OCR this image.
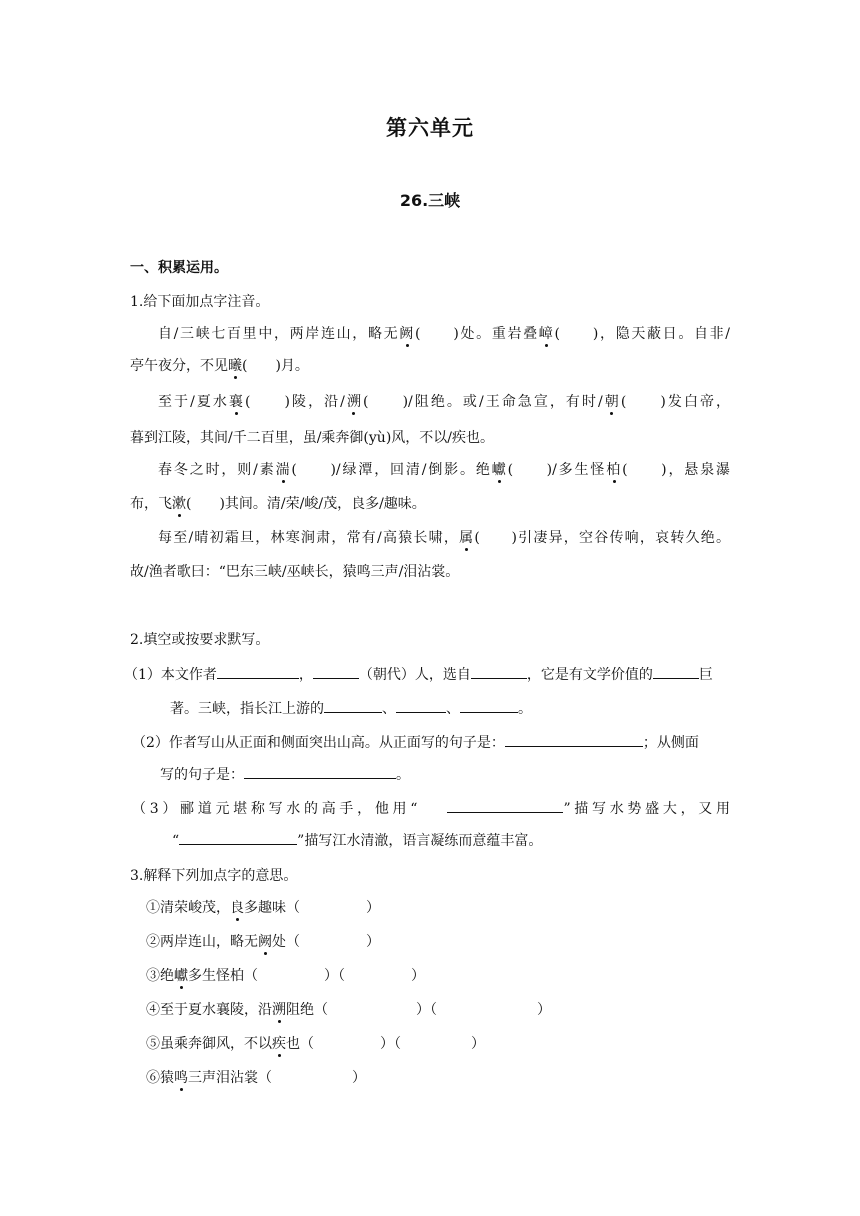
第六单元
26.三峡
一、积累运用。
1.给下面加点字注音。
自/三峡七百里中，两岸连山，略无阙(　　)处。重岩叠嶂(　　)，隐天蔽日。自非/
亭午夜分，不见曦(　　)月。
至于/夏水襄(　　)陵，沿/溯(　　)/阻绝。或/王命急宣，有时/朝(　　)发白帝，
暮到江陵，其间/千二百里，虽/乘奔御(yù)风，不以/疾也。
春冬之时，则/素湍(　　)/绿潭，回清/倒影。绝巘(　　)/多生怪柏(　　)，悬泉瀑
布，飞漱(　　)其间。清/荣/峻/茂，良多/趣味。
每至/晴初霜旦，林寒涧肃，常有/高猿长啸，属(　　)引凄异，空谷传响，哀转久绝。
故/渔者歌曰：“巴东三峡/巫峡长，猿鸣三声/泪沾裳。
2.填空或按要求默写。
（1）本文作者	，	（朝代）人，选自	，它是有文学价值的	巨
著。三峡，指长江上游的	、	、	。
（2）作者写山从正面和侧面突出山高。从正面写的句子是：	；从侧面
写的句子是：	。
（3）郦道元堪称写水的高手，他用“	”描写水势盛大，又用
“	”描写江水清澈，语言凝练而意蕴丰富。
3.解释下列加点字的意思。
①清荣峻茂，良多趣味（	）
②两岸连山，略无阙处（	）
③绝巘多生怪柏（	）（	）
④至于夏水襄陵，沿溯阻绝（	）（	）
⑤虽乘奔御风，不以疾也（	）（	）
⑥猿鸣三声泪沾裳（	）
